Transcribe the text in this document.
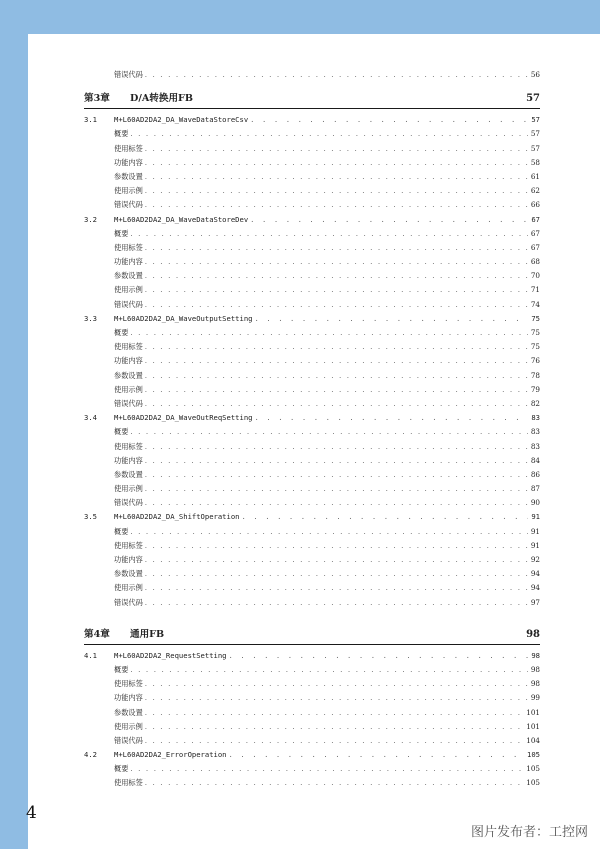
错误代码 . . .	56
第3章	D/A转换用FB	57
3.1	M+L60AD2DA2_DA_WaveDataStoreCsv . . .	57
概要 . . .	57
使用标签 . . .	57
功能内容 . . .	58
参数设置 . . .	61
使用示例 . . .	62
错误代码 . . .	66
3.2	M+L60AD2DA2_DA_WaveDataStoreDev . . .	67
概要 . . .	67
使用标签 . . .	67
功能内容 . . .	68
参数设置 . . .	70
使用示例 . . .	71
错误代码 . . .	74
3.3	M+L60AD2DA2_DA_WaveOutputSetting . . .	75
概要 . . .	75
使用标签 . . .	75
功能内容 . . .	76
参数设置 . . .	78
使用示例 . . .	79
错误代码 . . .	82
3.4	M+L60AD2DA2_DA_WaveOutReqSetting . . .	83
概要 . . .	83
使用标签 . . .	83
功能内容 . . .	84
参数设置 . . .	86
使用示例 . . .	87
错误代码 . . .	90
3.5	M+L60AD2DA2_DA_ShiftOperation . . .	91
概要 . . .	91
使用标签 . . .	91
功能内容 . . .	92
参数设置 . . .	94
使用示例 . . .	94
错误代码 . . .	97
第4章	通用FB	98
4.1	M+L60AD2DA2_RequestSetting . . .	98
概要 . . .	98
使用标签 . . .	98
功能内容 . . .	99
参数设置 . . .	101
使用示例 . . .	101
错误代码 . . .	104
4.2	M+L60AD2DA2_ErrorOperation . . .	105
概要 . . .	105
使用标签 . . .	105
4
图片发布者：工控网
